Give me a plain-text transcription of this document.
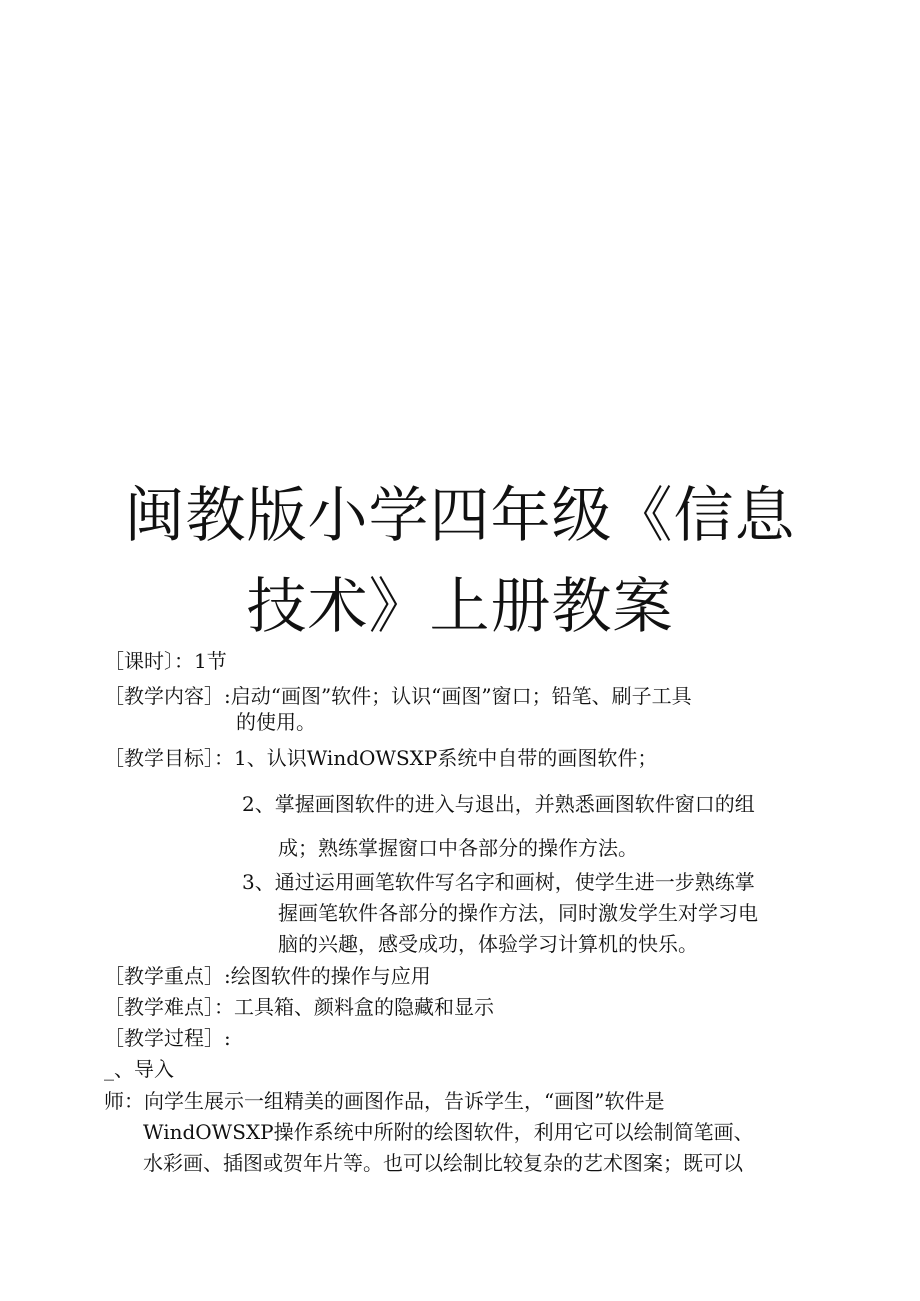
闽教版小学四年级《信息
技术》上册教案
［课时〕：1节
［教学内容］:启动“画图”软件；认识“画图”窗口；铅笔、刷子工具
的使用。
［教学目标］：1、认识WindOWSXP系统中自带的画图软件；
2、掌握画图软件的进入与退出，并熟悉画图软件窗口的组
成；熟练掌握窗口中各部分的操作方法。
3、通过运用画笔软件写名字和画树，使学生进一步熟练掌
握画笔软件各部分的操作方法，同时激发学生对学习电
脑的兴趣，感受成功，体验学习计算机的快乐。
［教学重点］:绘图软件的操作与应用
［教学难点］：工具箱、颜料盒的隐藏和显示
［教学过程］:
_、导入
师：向学生展示一组精美的画图作品，告诉学生，“画图”软件是
WindOWSXP操作系统中所附的绘图软件，利用它可以绘制简笔画、
水彩画、插图或贺年片等。也可以绘制比较复杂的艺术图案；既可以
